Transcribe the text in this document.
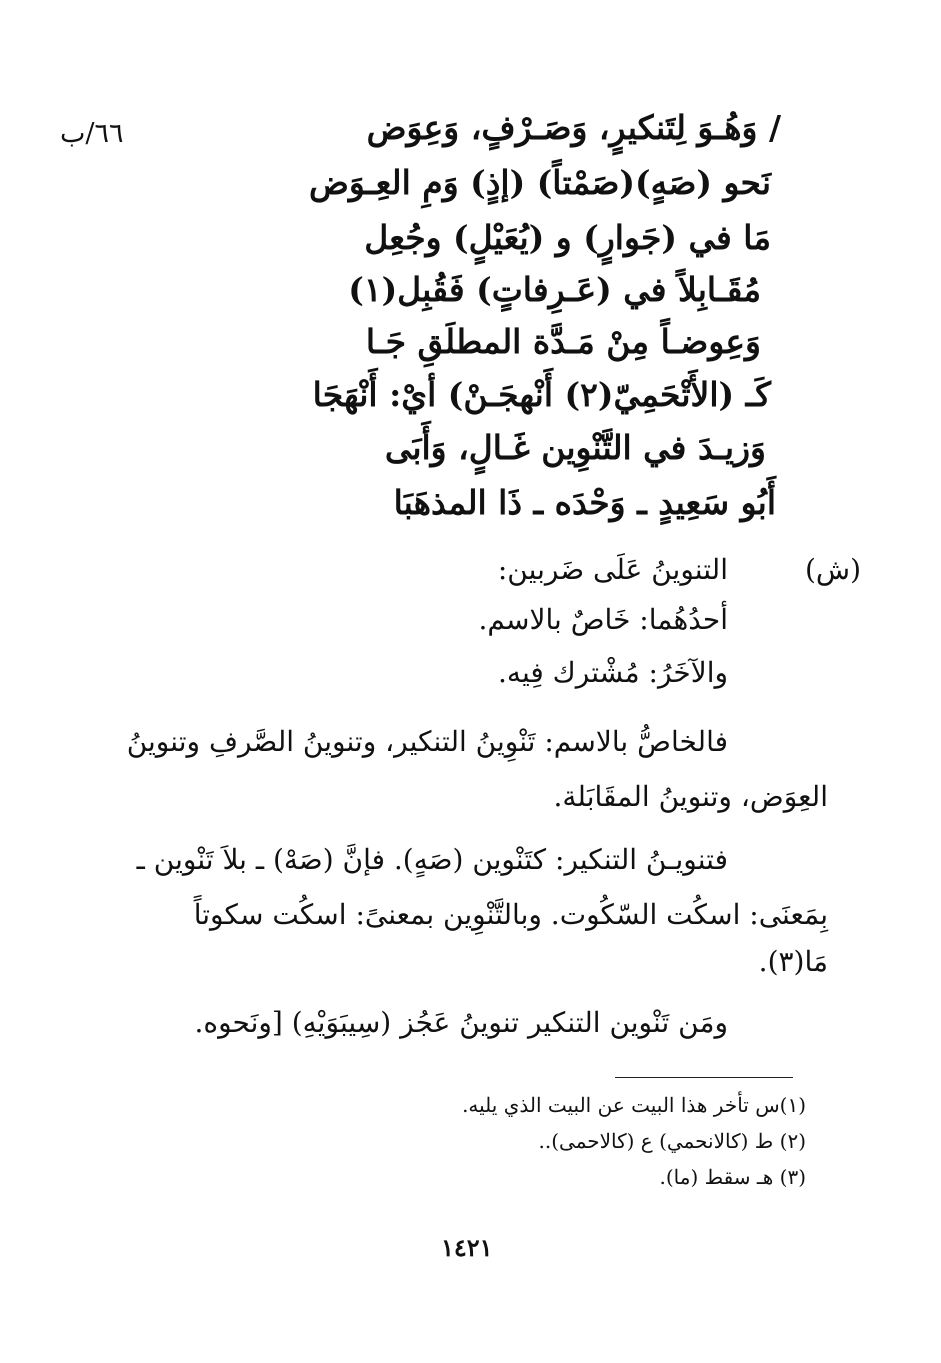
٦٦/ب	/ وَهُـوَ لِتَنكيرٍ، وَصَـرْفٍ، وَعِوَض
نَحو (صَهٍ)(صَمْتاً) (إذٍ) وَمِ العِـوَض
مَا في (جَوارٍ) و (يُعَيْلٍ) وجُعِل
مُقَـابِلاً في (عَـرِفاتٍ) فَقُبِل(١)
وَعِوضـاً مِنْ مَـدَّة المطلَقِ جَـا
كَـ (الأَتْحَمِيّ(٢) أَنْهجَـنْ) أيْ: أَنْهَجَا
وَزيـدَ في التَّنْوِين غَـالٍ، وَأَبَى
أَبُو سَعِيدٍ ـ وَحْدَه ـ ذَا المذهَبَا
(ش)
التنوينُ عَلَى ضَربين:
أحدُهُما: خَاصٌ بالاسم.
والآخَرُ: مُشْترك فِيه.
فالخاصُّ بالاسم: تَنْوِينُ التنكير، وتنوينُ الصَّرفِ وتنوينُ
العِوَض، وتنوينُ المقَابَلة.
فتنويـنُ التنكير: كتَنْوين (صَهٍ). فإنَّ (صَهْ) ـ بلاَ تَنْوين ـ
بِمَعنَى: اسكُت السّكُوت. وبالتَّنْوِين بمعنىً: اسكُت سكوتاً
مَا(٣).
ومَن تَنْوين التنكير تنوينُ عَجُز (سِيبَوَيْهِ) [ونَحوه.
(١)س تأخر هذا البيت عن البيت الذي يليه.
(٢) ط (كالانحمي) ع (كالاحمى)..
(٣) هـ سقط (ما).
١٤٢١
